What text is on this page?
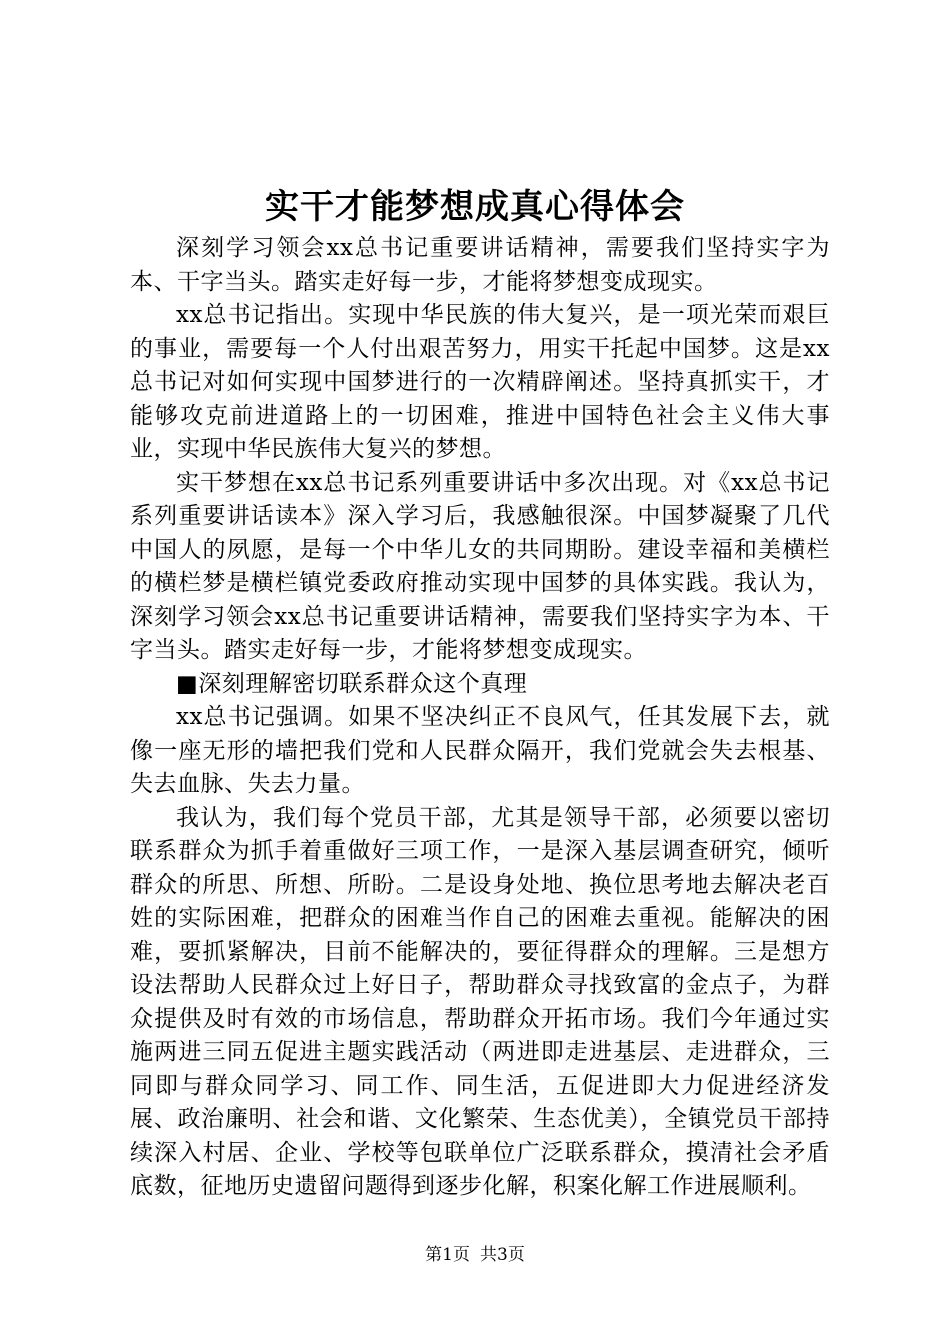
实干才能梦想成真心得体会

深刻学习领会xx总书记重要讲话精神，需要我们坚持实字为本、干字当头。踏实走好每一步，才能将梦想变成现实。

xx总书记指出。实现中华民族的伟大复兴，是一项光荣而艰巨的事业，需要每一个人付出艰苦努力，用实干托起中国梦。这是xx总书记对如何实现中国梦进行的一次精辟阐述。坚持真抓实干，才能够攻克前进道路上的一切困难，推进中国特色社会主义伟大事业，实现中华民族伟大复兴的梦想。

实干梦想在xx总书记系列重要讲话中多次出现。对《xx总书记系列重要讲话读本》深入学习后，我感触很深。中国梦凝聚了几代中国人的夙愿，是每一个中华儿女的共同期盼。建设幸福和美横栏的横栏梦是横栏镇党委政府推动实现中国梦的具体实践。我认为，深刻学习领会xx总书记重要讲话精神，需要我们坚持实字为本、干字当头。踏实走好每一步，才能将梦想变成现实。

■深刻理解密切联系群众这个真理

xx总书记强调。如果不坚决纠正不良风气，任其发展下去，就像一座无形的墙把我们党和人民群众隔开，我们党就会失去根基、失去血脉、失去力量。

我认为，我们每个党员干部，尤其是领导干部，必须要以密切联系群众为抓手着重做好三项工作，一是深入基层调查研究，倾听群众的所思、所想、所盼。二是设身处地、换位思考地去解决老百姓的实际困难，把群众的困难当作自己的困难去重视。能解决的困难，要抓紧解决，目前不能解决的，要征得群众的理解。三是想方设法帮助人民群众过上好日子，帮助群众寻找致富的金点子，为群众提供及时有效的市场信息，帮助群众开拓市场。我们今年通过实施两进三同五促进主题实践活动（两进即走进基层、走进群众，三同即与群众同学习、同工作、同生活，五促进即大力促进经济发展、政治廉明、社会和谐、文化繁荣、生态优美），全镇党员干部持续深入村居、企业、学校等包联单位广泛联系群众，摸清社会矛盾底数，征地历史遗留问题得到逐步化解，积案化解工作进展顺利。

第1页 共3页
